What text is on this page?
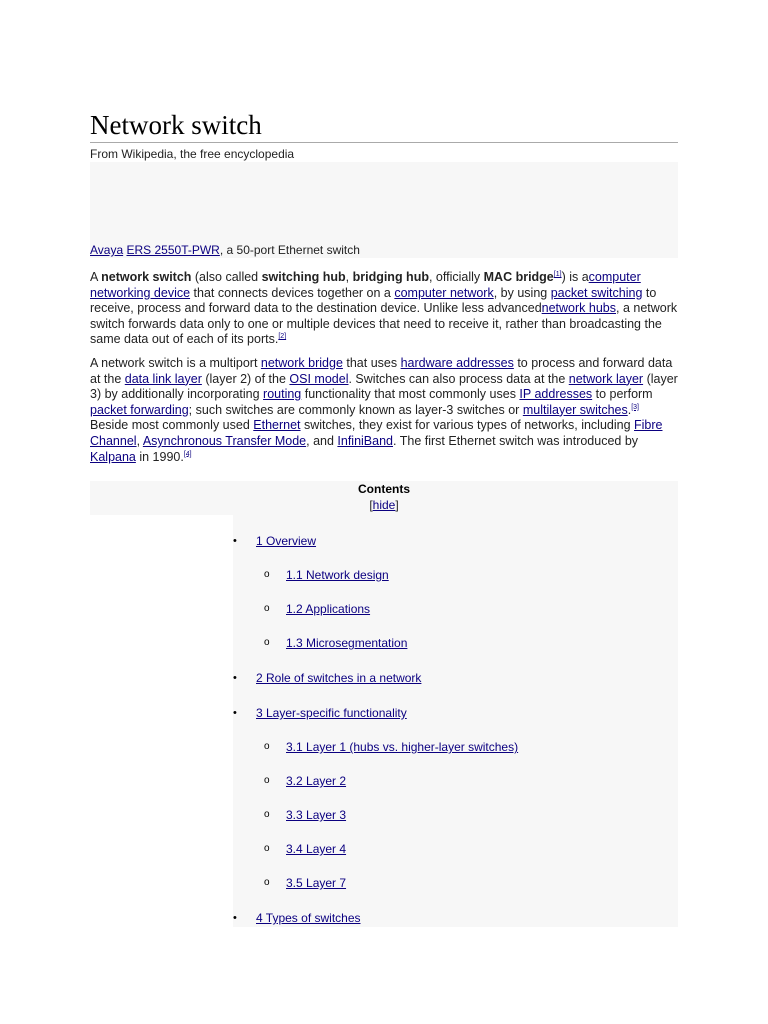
Network switch
From Wikipedia, the free encyclopedia
Avaya ERS 2550T-PWR, a 50-port Ethernet switch

A network switch (also called switching hub, bridging hub, officially MAC bridge[1]) is acomputer networking device that connects devices together on a computer network, by using packet switching to receive, process and forward data to the destination device. Unlike less advancednetwork hubs, a network switch forwards data only to one or multiple devices that need to receive it, rather than broadcasting the same data out of each of its ports.[2]

A network switch is a multiport network bridge that uses hardware addresses to process and forward data at the data link layer (layer 2) of the OSI model. Switches can also process data at the network layer (layer 3) by additionally incorporating routing functionality that most commonly uses IP addresses to perform packet forwarding; such switches are commonly known as layer-3 switches or multilayer switches.[3] Beside most commonly used Ethernet switches, they exist for various types of networks, including Fibre Channel, Asynchronous Transfer Mode, and InfiniBand. The first Ethernet switch was introduced by Kalpana in 1990.[4]

Contents
[hide]
• 1 Overview
o 1.1 Network design
o 1.2 Applications
o 1.3 Microsegmentation
• 2 Role of switches in a network
• 3 Layer-specific functionality
o 3.1 Layer 1 (hubs vs. higher-layer switches)
o 3.2 Layer 2
o 3.3 Layer 3
o 3.4 Layer 4
o 3.5 Layer 7
• 4 Types of switches
